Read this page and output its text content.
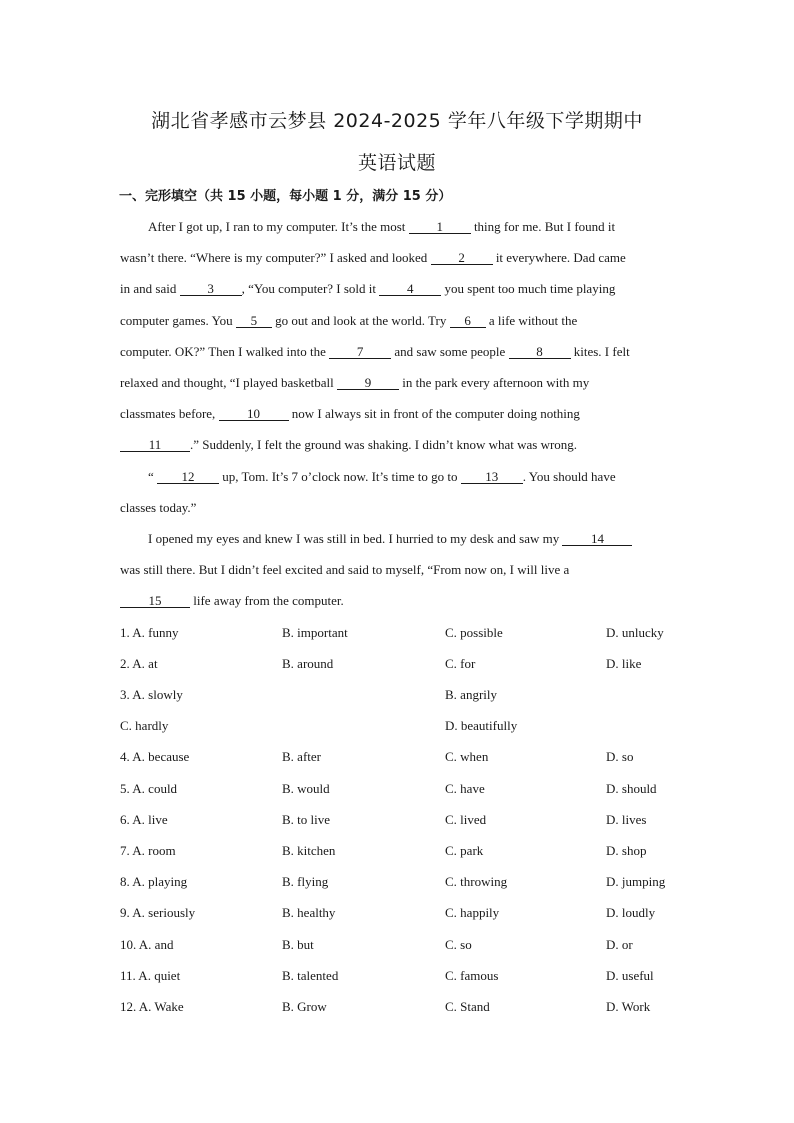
湖北省孝感市云梦县 2024-2025 学年八年级下学期期中
英语试题
一、完形填空（共 15 小题，每小题 1 分，满分 15 分）
After I got up, I ran to my computer. It’s the most 1 thing for me. But I found it
wasn’t there. “Where is my computer?” I asked and looked 2 it everywhere. Dad came
in and said 3 , “You computer? I sold it 4 you spent too much time playing
computer games. You 5 go out and look at the world. Try 6 a life without the
computer. OK?” Then I walked into the 7 and saw some people 8 kites. I felt
relaxed and thought, “I played basketball 9 in the park every afternoon with my
classmates before, 10 now I always sit in front of the computer doing nothing
11 .” Suddenly, I felt the ground was shaking. I didn’t know what was wrong.
“ 12 up, Tom. It’s 7 o’clock now. It’s time to go to 13 . You should have
classes today.”
I opened my eyes and knew I was still in bed. I hurried to my desk and saw my 14
was still there. But I didn’t feel excited and said to myself, “From now on, I will live a
15 life away from the computer.
1. A. funny	B. important	C. possible	D. unlucky
2. A. at	B. around	C. for	D. like
3. A. slowly	B. angrily
C. hardly	D. beautifully
4. A. because	B. after	C. when	D. so
5. A. could	B. would	C. have	D. should
6. A. live	B. to live	C. lived	D. lives
7. A. room	B. kitchen	C. park	D. shop
8. A. playing	B. flying	C. throwing	D. jumping
9. A. seriously	B. healthy	C. happily	D. loudly
10. A. and	B. but	C. so	D. or
11. A. quiet	B. talented	C. famous	D. useful
12. A. Wake	B. Grow	C. Stand	D. Work
